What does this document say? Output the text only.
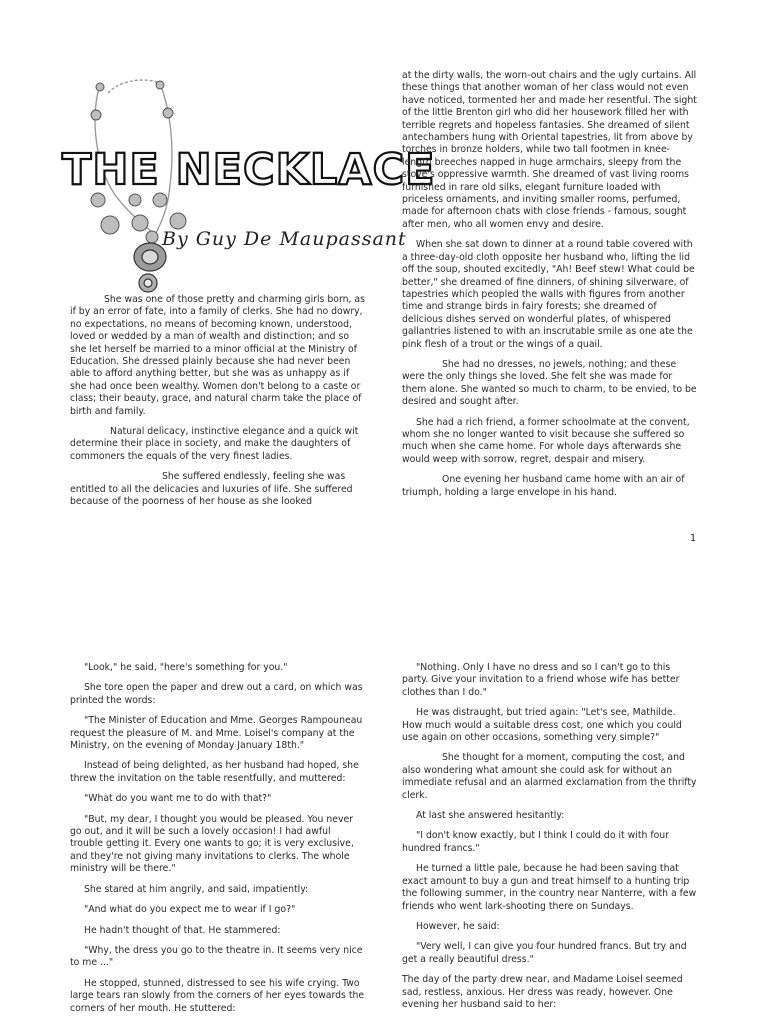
THE NECKLACE
By Guy De Maupassant

She was one of those pretty and charming girls born, as if by an error of fate, into a family of clerks. She had no dowry, no expectations, no means of becoming known, understood, loved or wedded by a man of wealth and distinction; and so she let herself be married to a minor official at the Ministry of Education. She dressed plainly because she had never been able to afford anything better, but she was as unhappy as if she had once been wealthy. Women don't belong to a caste or class; their beauty, grace, and natural charm take the place of birth and family.

Natural delicacy, instinctive elegance and a quick wit determine their place in society, and make the daughters of commoners the equals of the very finest ladies.

She suffered endlessly, feeling she was entitled to all the delicacies and luxuries of life. She suffered because of the poorness of her house as she looked

at the dirty walls, the worn-out chairs and the ugly curtains. All these things that another woman of her class would not even have noticed, tormented her and made her resentful. The sight of the little Brenton girl who did her housework filled her with terrible regrets and hopeless fantasies. She dreamed of silent antechambers hung with Oriental tapestries, lit from above by torches in bronze holders, while two tall footmen in knee-length breeches napped in huge armchairs, sleepy from the stove's oppressive warmth. She dreamed of vast living rooms furnished in rare old silks, elegant furniture loaded with priceless ornaments, and inviting smaller rooms, perfumed, made for afternoon chats with close friends - famous, sought after men, who all women envy and desire.

When she sat down to dinner at a round table covered with a three-day-old cloth opposite her husband who, lifting the lid off the soup, shouted excitedly, "Ah! Beef stew! What could be better," she dreamed of fine dinners, of shining silverware, of tapestries which peopled the walls with figures from another time and strange birds in fairy forests; she dreamed of delicious dishes served on wonderful plates, of whispered gallantries listened to with an inscrutable smile as one ate the pink flesh of a trout or the wings of a quail.

She had no dresses, no jewels, nothing; and these were the only things she loved. She felt she was made for them alone. She wanted so much to charm, to be envied, to be desired and sought after.

She had a rich friend, a former schoolmate at the convent, whom she no longer wanted to visit because she suffered so much when she came home. For whole days afterwards she would weep with sorrow, regret, despair and misery.

One evening her husband came home with an air of triumph, holding a large envelope in his hand.

1

"Look," he said, "here's something for you."

She tore open the paper and drew out a card, on which was printed the words:

"The Minister of Education and Mme. Georges Rampouneau request the pleasure of M. and Mme. Loisel's company at the Ministry, on the evening of Monday January 18th."

Instead of being delighted, as her husband had hoped, she threw the invitation on the table resentfully, and muttered:

"What do you want me to do with that?"

"But, my dear, I thought you would be pleased. You never go out, and it will be such a lovely occasion! I had awful trouble getting it. Every one wants to go; it is very exclusive, and they're not giving many invitations to clerks. The whole ministry will be there."

She stared at him angrily, and said, impatiently:

"And what do you expect me to wear if I go?"

He hadn't thought of that. He stammered:

"Why, the dress you go to the theatre in. It seems very nice to me ..."

He stopped, stunned, distressed to see his wife crying. Two large tears ran slowly from the corners of her eyes towards the corners of her mouth. He stuttered:

"Nothing. Only I have no dress and so I can't go to this party. Give your invitation to a friend whose wife has better clothes than I do."

He was distraught, but tried again: "Let's see, Mathilde. How much would a suitable dress cost, one which you could use again on other occasions, something very simple?"

She thought for a moment, computing the cost, and also wondering what amount she could ask for without an immediate refusal and an alarmed exclamation from the thrifty clerk.

At last she answered hesitantly:

"I don't know exactly, but I think I could do it with four hundred francs."

He turned a little pale, because he had been saving that exact amount to buy a gun and treat himself to a hunting trip the following summer, in the country near Nanterre, with a few friends who went lark-shooting there on Sundays.

However, he said:

"Very well, I can give you four hundred francs. But try and get a really beautiful dress."

The day of the party drew near, and Madame Loisel seemed sad, restless, anxious. Her dress was ready, however. One evening her husband said to her:
